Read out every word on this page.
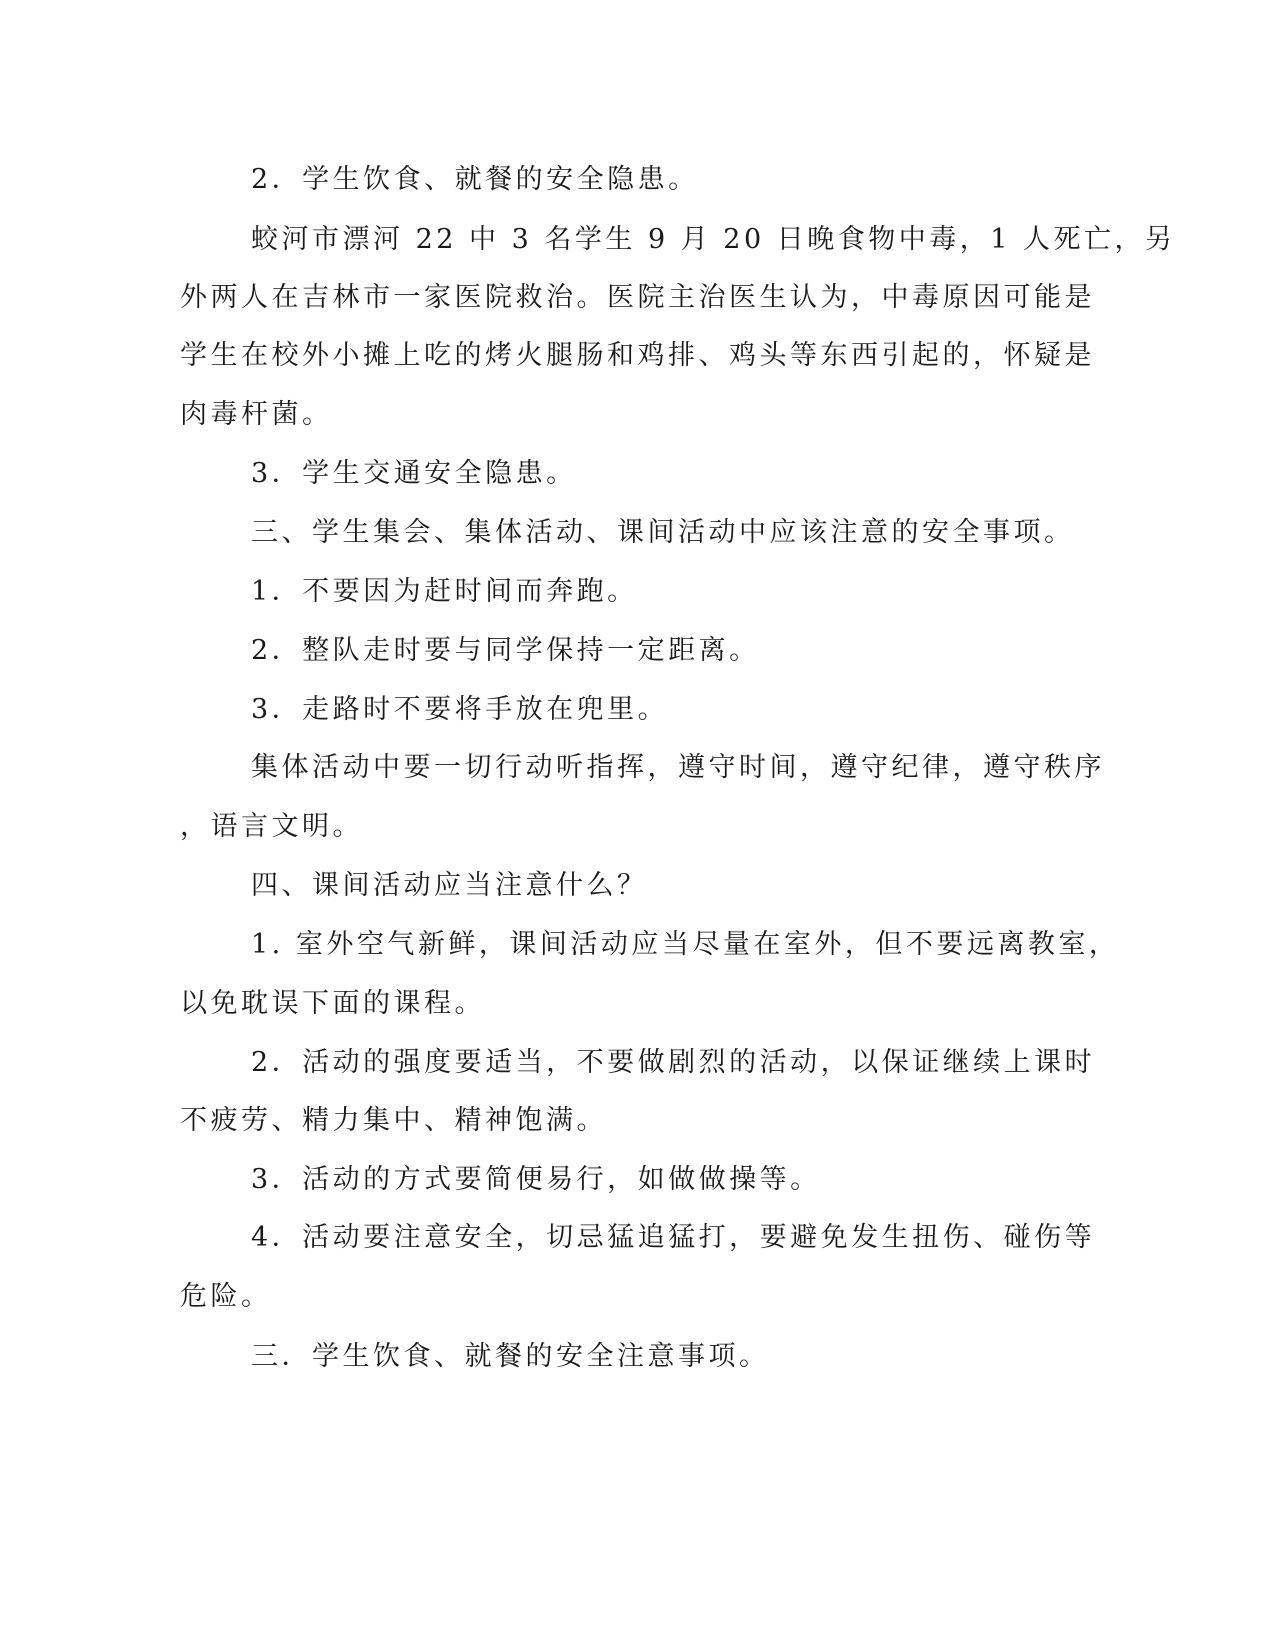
2．学生饮食、就餐的安全隐患。
蛟河市漂河 22 中 3 名学生 9 月 20 日晚食物中毒，1 人死亡，另
外两人在吉林市一家医院救治。医院主治医生认为，中毒原因可能是
学生在校外小摊上吃的烤火腿肠和鸡排、鸡头等东西引起的，怀疑是
肉毒杆菌。
3．学生交通安全隐患。
三、学生集会、集体活动、课间活动中应该注意的安全事项。
1．不要因为赶时间而奔跑。
2．整队走时要与同学保持一定距离。
3．走路时不要将手放在兜里。
集体活动中要一切行动听指挥，遵守时间，遵守纪律，遵守秩序
，语言文明。
四、课间活动应当注意什么？
1. 室外空气新鲜，课间活动应当尽量在室外，但不要远离教室，
以免耽误下面的课程。
2．活动的强度要适当，不要做剧烈的活动，以保证继续上课时
不疲劳、精力集中、精神饱满。
3．活动的方式要简便易行，如做做操等。
4．活动要注意安全，切忌猛追猛打，要避免发生扭伤、碰伤等
危险。
三．学生饮食、就餐的安全注意事项。
